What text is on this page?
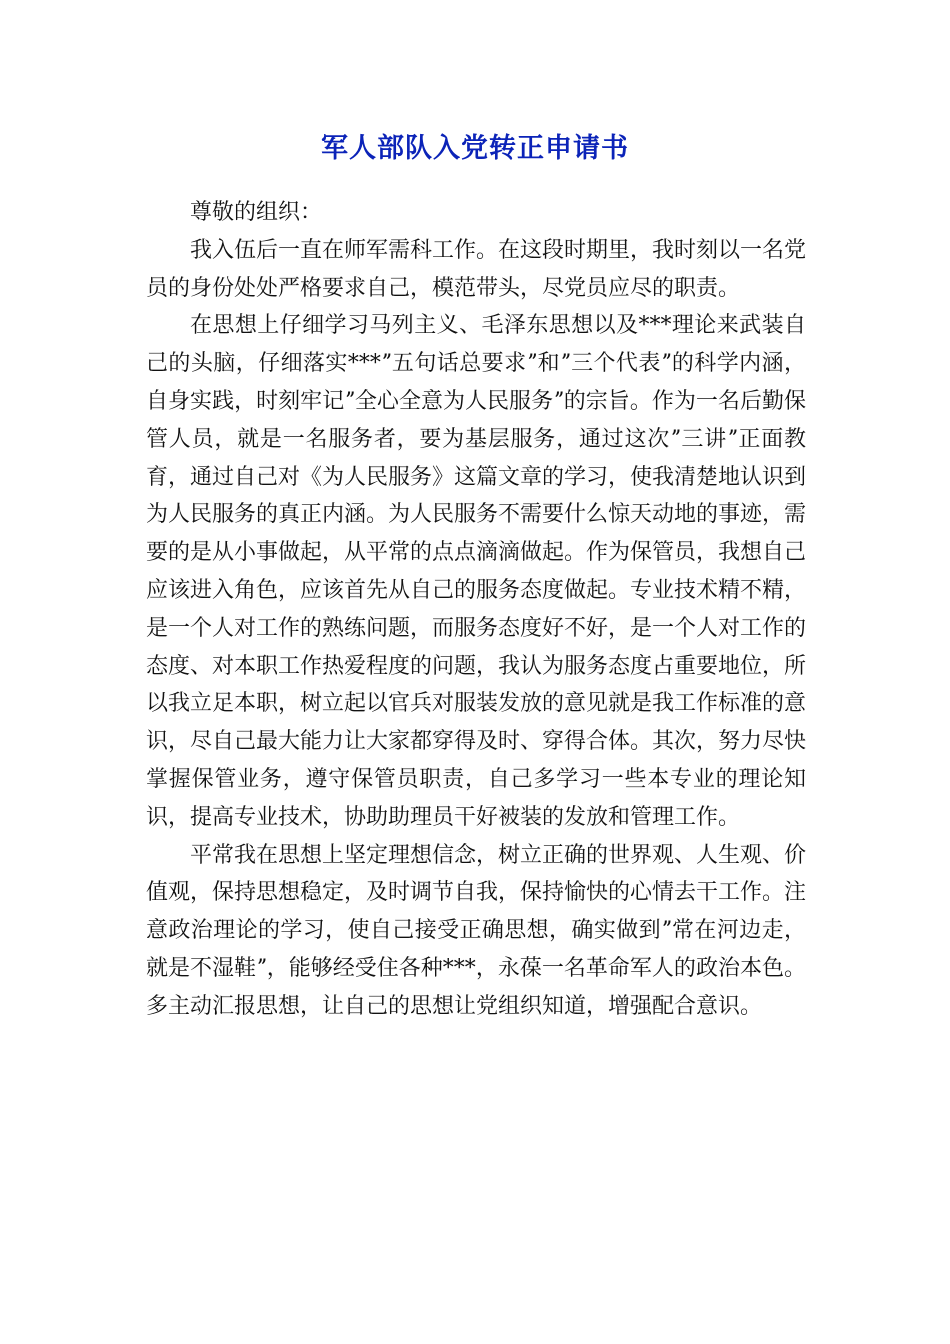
军人部队入党转正申请书

尊敬的组织：

我入伍后一直在师军需科工作。在这段时期里，我时刻以一名党员的身份处处严格要求自己，模范带头，尽党员应尽的职责。

在思想上仔细学习马列主义、毛泽东思想以及***理论来武装自己的头脑，仔细落实***ˮ五句话总要求ˮ和ˮ三个代表ˮ的科学内涵，自身实践，时刻牢记ˮ全心全意为人民服务ˮ的宗旨。作为一名后勤保管人员，就是一名服务者，要为基层服务，通过这次ˮ三讲ˮ正面教育，通过自己对《为人民服务》这篇文章的学习，使我清楚地认识到为人民服务的真正内涵。为人民服务不需要什么惊天动地的事迹，需要的是从小事做起，从平常的点点滴滴做起。作为保管员，我想自己应该进入角色，应该首先从自己的服务态度做起。专业技术精不精，是一个人对工作的熟练问题，而服务态度好不好，是一个人对工作的态度、对本职工作热爱程度的问题，我认为服务态度占重要地位，所以我立足本职，树立起以官兵对服装发放的意见就是我工作标准的意识，尽自己最大能力让大家都穿得及时、穿得合体。其次，努力尽快掌握保管业务，遵守保管员职责，自己多学习一些本专业的理论知识，提高专业技术，协助助理员干好被装的发放和管理工作。

平常我在思想上坚定理想信念，树立正确的世界观、人生观、价值观，保持思想稳定，及时调节自我，保持愉快的心情去干工作。注意政治理论的学习，使自己接受正确思想，确实做到ˮ常在河边走，就是不湿鞋ˮ，能够经受住各种***，永葆一名革命军人的政治本色。多主动汇报思想，让自己的思想让党组织知道，增强配合意识。
